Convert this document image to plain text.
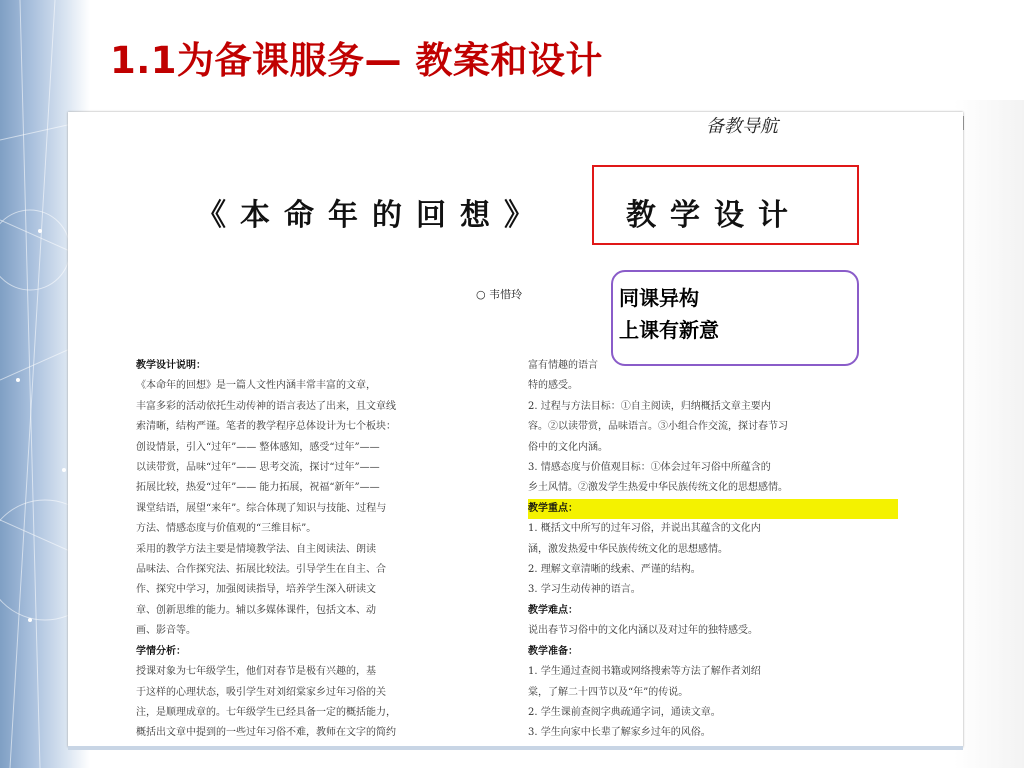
1.1为备课服务— 教案和设计
备教导航
《本命年的回想》	教学设计
○ 韦惜玲

教学设计说明：

《本命年的回想》是一篇人文性内涵丰常丰富的文章，

丰富多彩的活动依托生动传神的语言表达了出来，且文章线

索清晰，结构严谨。笔者的教学程序总体设计为七个板块：

创设情景，引入“过年”—— 整体感知，感受“过年”——

以读带赏，品味“过年”—— 思考交流，探讨“过年”——

拓展比较，热爱“过年”—— 能力拓展，祝福“新年”——

课堂结语，展望“来年”。综合体现了知识与技能、过程与

方法、情感态度与价值观的“三维目标”。

采用的教学方法主要是情境教学法、自主阅读法、朗读

品味法、合作探究法、拓展比较法。引导学生在自主、合

作、探究中学习，加强阅读指导，培养学生深入研读文

章、创新思维的能力。辅以多媒体课件，包括文本、动

画、影音等。

学情分析：

授课对象为七年级学生，他们对春节是极有兴趣的，基

于这样的心理状态，吸引学生对刘绍棠家乡过年习俗的关

注，是顺理成章的。七年级学生已经具备一定的概括能力，

概括出文章中提到的一些过年习俗不难，教师在文字的简约

富有情趣的语言

特的感受。

2. 过程与方法目标：①自主阅读，归纳概括文章主要内

容。②以读带赏，品味语言。③小组合作交流，探讨春节习

俗中的文化内涵。

3. 情感态度与价值观目标：①体会过年习俗中所蕴含的

乡土风情。②激发学生热爱中华民族传统文化的思想感情。

教学重点：

1. 概括文中所写的过年习俗，并说出其蕴含的文化内

涵，激发热爱中华民族传统文化的思想感情。

2. 理解文章清晰的线索、严谨的结构。

3. 学习生动传神的语言。

教学难点：

说出春节习俗中的文化内涵以及对过年的独特感受。

教学准备：

1. 学生通过查阅书籍或网络搜索等方法了解作者刘绍

棠，了解二十四节以及“年”的传说。

2. 学生课前查阅字典疏通字词，通读文章。

3. 学生向家中长辈了解家乡过年的风俗。

同课异构
上课有新意
